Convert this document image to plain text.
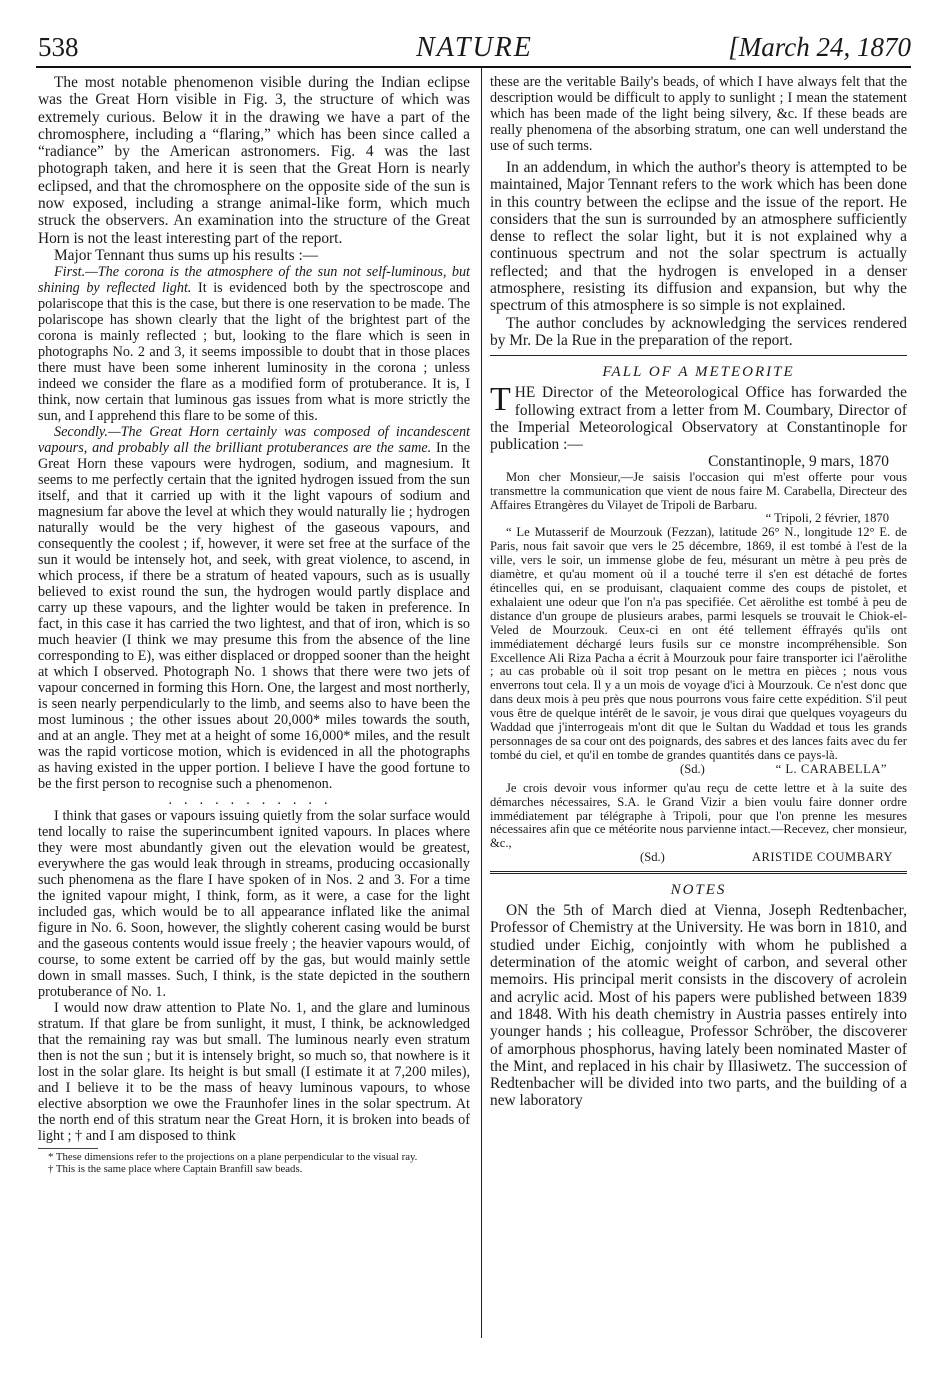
538	NATURE	[March 24, 1870

The most notable phenomenon visible during the Indian eclipse was the Great Horn visible in Fig. 3, the structure of which was extremely curious. Below it in the drawing we have a part of the chromosphere, including a “flaring,” which has been since called a “radiance” by the American astronomers. Fig. 4 was the last photograph taken, and here it is seen that the Great Horn is nearly eclipsed, and that the chromosphere on the opposite side of the sun is now exposed, including a strange animal-like form, which much struck the observers. An examination into the structure of the Great Horn is not the least interesting part of the report.

Major Tennant thus sums up his results :—

First.—The corona is the atmosphere of the sun not self-luminous, but shining by reflected light. It is evidenced both by the spectroscope and polariscope that this is the case, but there is one reservation to be made. The polariscope has shown clearly that the light of the brightest part of the corona is mainly reflected ; but, looking to the flare which is seen in photographs No. 2 and 3, it seems impossible to doubt that in those places there must have been some inherent luminosity in the corona ; unless indeed we consider the flare as a modified form of protuberance. It is, I think, now certain that luminous gas issues from what is more strictly the sun, and I apprehend this flare to be some of this.

Secondly.—The Great Horn certainly was composed of incandescent vapours, and probably all the brilliant protuberances are the same. In the Great Horn these vapours were hydrogen, sodium, and magnesium. It seems to me perfectly certain that the ignited hydrogen issued from the sun itself, and that it carried up with it the light vapours of sodium and magnesium far above the level at which they would naturally lie ; hydrogen naturally would be the very highest of the gaseous vapours, and consequently the coolest ; if, however, it were set free at the surface of the sun it would be intensely hot, and seek, with great violence, to ascend, in which process, if there be a stratum of heated vapours, such as is usually believed to exist round the sun, the hydrogen would partly displace and carry up these vapours, and the lighter would be taken in preference. In fact, in this case it has carried the two lightest, and that of iron, which is so much heavier (I think we may presume this from the absence of the line corresponding to E), was either displaced or dropped sooner than the height at which I observed. Photograph No. 1 shows that there were two jets of vapour concerned in forming this Horn. One, the largest and most northerly, is seen nearly perpendicularly to the limb, and seems also to have been the most luminous ; the other issues about 20,000* miles towards the south, and at an angle. They met at a height of some 16,000* miles, and the result was the rapid vorticose motion, which is evidenced in all the photographs as having existed in the upper portion. I believe I have the good fortune to be the first person to recognise such a phenomenon.

...........

I think that gases or vapours issuing quietly from the solar surface would tend locally to raise the superincumbent ignited vapours. In places where they were most abundantly given out the elevation would be greatest, everywhere the gas would leak through in streams, producing occasionally such phenomena as the flare I have spoken of in Nos. 2 and 3. For a time the ignited vapour might, I think, form, as it were, a case for the light included gas, which would be to all appearance inflated like the animal figure in No. 6. Soon, however, the slightly coherent casing would be burst and the gaseous contents would issue freely ; the heavier vapours would, of course, to some extent be carried off by the gas, but would mainly settle down in small masses. Such, I think, is the state depicted in the southern protuberance of No. 1.

I would now draw attention to Plate No. 1, and the glare and luminous stratum. If that glare be from sunlight, it must, I think, be acknowledged that the remaining ray was but small. The luminous nearly even stratum then is not the sun ; but it is intensely bright, so much so, that nowhere is it lost in the solar glare. Its height is but small (I estimate it at 7,200 miles), and I believe it to be the mass of heavy luminous vapours, to whose elective absorption we owe the Fraunhofer lines in the solar spectrum. At the north end of this stratum near the Great Horn, it is broken into beads of light ; † and I am disposed to think

* These dimensions refer to the projections on a plane perpendicular to the visual ray.

† This is the same place where Captain Branfill saw beads.

these are the veritable Baily's beads, of which I have always felt that the description would be difficult to apply to sunlight ; I mean the statement which has been made of the light being silvery, &c. If these beads are really phenomena of the absorbing stratum, one can well understand the use of such terms.

In an addendum, in which the author's theory is attempted to be maintained, Major Tennant refers to the work which has been done in this country between the eclipse and the issue of the report. He considers that the sun is surrounded by an atmosphere sufficiently dense to reflect the solar light, but it is not explained why a continuous spectrum and not the solar spectrum is actually reflected; and that the hydrogen is enveloped in a denser atmosphere, resisting its diffusion and expansion, but why the spectrum of this atmosphere is so simple is not explained.

The author concludes by acknowledging the services rendered by Mr. De la Rue in the preparation of the report.

FALL OF A METEORITE

THE Director of the Meteorological Office has forwarded the following extract from a letter from M. Coumbary, Director of the Imperial Meteorological Observatory at Constantinople for publication :—

Constantinople, 9 mars, 1870

Mon cher Monsieur,—Je saisis l'occasion qui m'est offerte pour vous transmettre la communication que vient de nous faire M. Carabella, Directeur des Affaires Etrangères du Vilayet de Tripoli de Barbaru.

“ Tripoli, 2 février, 1870

“ Le Mutasserif de Mourzouk (Fezzan), latitude 26° N., longitude 12° E. de Paris, nous fait savoir que vers le 25 décembre, 1869, il est tombé à l'est de la ville, vers le soir, un immense globe de feu, mésurant un mètre à peu près de diamètre, et qu'au moment où il a touché terre il s'en est détaché de fortes étincelles qui, en se produisant, claquaient comme des coups de pistolet, et exhalaient une odeur que l'on n'a pas specifiée. Cet aërolithe est tombé à peu de distance d'un groupe de plusieurs arabes, parmi lesquels se trouvait le Chiok-el-Veled de Mourzouk. Ceux-ci en ont été tellement éffrayés qu'ils ont immédiatement déchargé leurs fusils sur ce monstre incompréhensible. Son Excellence Ali Riza Pacha a écrit à Mourzouk pour faire transporter ici l'aërolithe ; au cas probable où il soit trop pesant on le mettra en pièces ; nous vous enverrons tout cela. Il y a un mois de voyage d'ici à Mourzouk. Ce n'est donc que dans deux mois à peu près que nous pourrons vous faire cette expédition. S'il peut vous être de quelque intérêt de le savoir, je vous dirai que quelques voyageurs du Waddad que j'interrogeais m'ont dit que le Sultan du Waddad et tous les grands personnages de sa cour ont des poignards, des sabres et des lances faits avec du fer tombé du ciel, et qu'il en tombe de grandes quantités dans ce pays-là.

(Sd.)	“ L. CARABELLA”

Je crois devoir vous informer qu'au reçu de cette lettre et à la suite des démarches nécessaires, S.A. le Grand Vizir a bien voulu faire donner ordre immédiatement par télégraphe à Tripoli, pour que l'on prenne les mesures nécessaires afin que ce météorite nous parvienne intact.—Recevez, cher monsieur, &c.,

(Sd.)	ARISTIDE COUMBARY
NOTES

ON the 5th of March died at Vienna, Joseph Redtenbacher, Professor of Chemistry at the University. He was born in 1810, and studied under Eichig, conjointly with whom he published a determination of the atomic weight of carbon, and several other memoirs. His principal merit consists in the discovery of acrolein and acrylic acid. Most of his papers were published between 1839 and 1848. With his death chemistry in Austria passes entirely into younger hands ; his colleague, Professor Schröber, the discoverer of amorphous phosphorus, having lately been nominated Master of the Mint, and replaced in his chair by Illasiwetz. The succession of Redtenbacher will be divided into two parts, and the building of a new laboratory
